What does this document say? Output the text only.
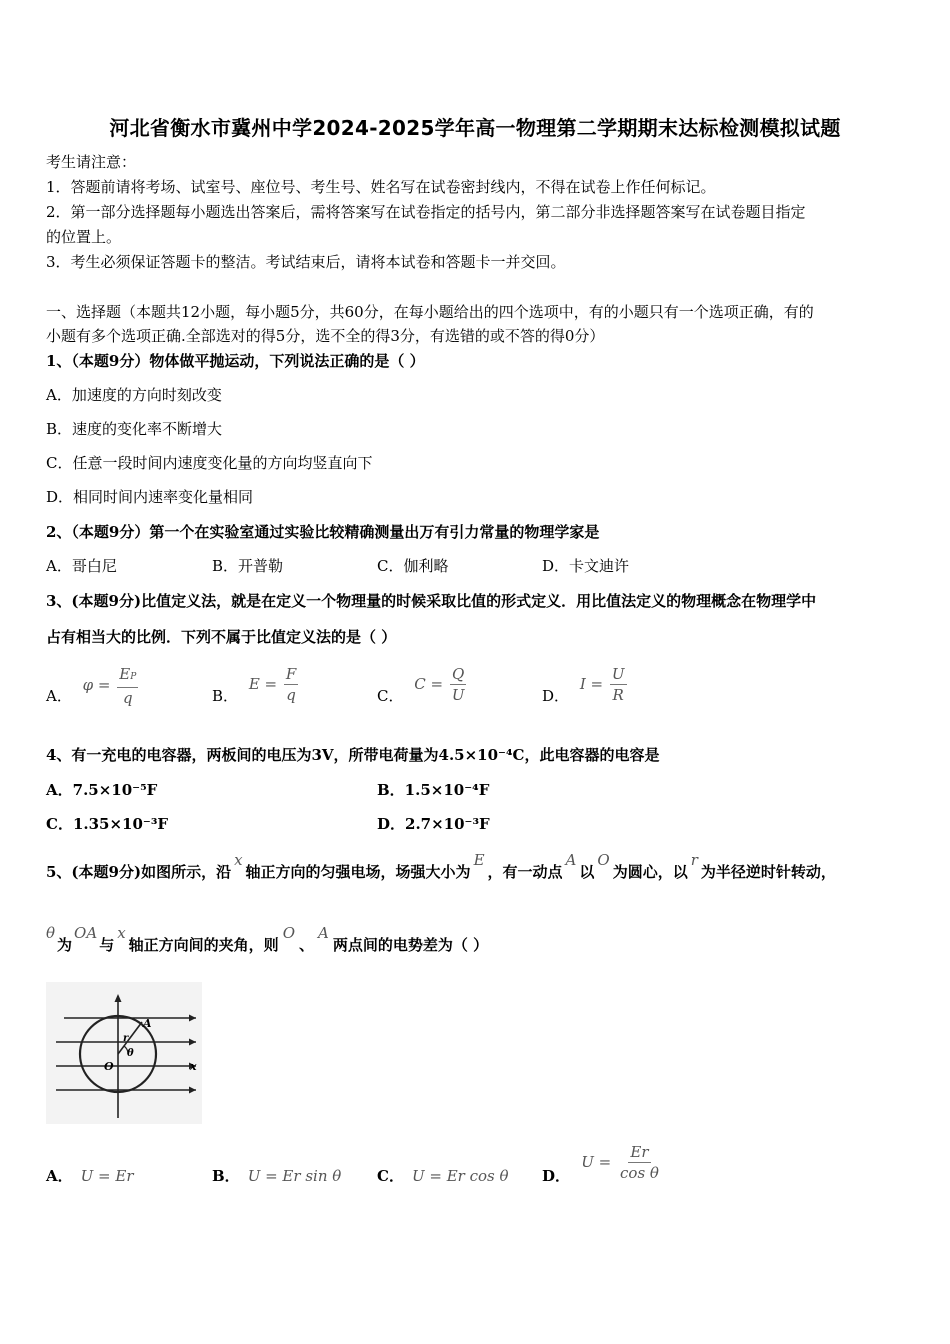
河北省衡水市冀州中学2024-2025学年高一物理第二学期期末达标检测模拟试题
考生请注意：
1．答题前请将考场、试室号、座位号、考生号、姓名写在试卷密封线内，不得在试卷上作任何标记。
2．第一部分选择题每小题选出答案后，需将答案写在试卷指定的括号内，第二部分非选择题答案写在试卷题目指定
的位置上。
3．考生必须保证答题卡的整洁。考试结束后，请将本试卷和答题卡一并交回。
一、选择题（本题共12小题，每小题5分，共60分，在每小题给出的四个选项中，有的小题只有一个选项正确，有的
小题有多个选项正确.全部选对的得5分，选不全的得3分，有选错的或不答的得0分）
1、（本题9分）物体做平抛运动，下列说法正确的是（ ）
A．加速度的方向时刻改变
B．速度的变化率不断增大
C．任意一段时间内速度变化量的方向均竖直向下
D．相同时间内速率变化量相同
2、（本题9分）第一个在实验室通过实验比较精确测量出万有引力常量的物理学家是
A．哥白尼	B．开普勒	C．伽利略	D．卡文迪许
3、(本题9分)比值定义法，就是在定义一个物理量的时候采取比值的形式定义．用比值法定义的物理概念在物理学中
占有相当大的比例．下列不属于比值定义法的是（ ）
A． $\varphi = \frac{EP}{q}$	B． $E = \frac{F}{q}$	C． $C = \frac{Q}{U}$	D． $I = \frac{U}{R}$
4、有一充电的电容器，两板间的电压为3V，所带电荷量为4.5×10⁻⁴C，此电容器的电容是
A．7.5×10⁻⁵F	B．1.5×10⁻⁴F
C．1.35×10⁻³F	D．2.7×10⁻³F
5、(本题9分)如图所示，沿x轴正方向的匀强电场，场强大小为E，有一动点A以O为圆心，以r为半径逆时针转动，
θ为OA与x轴正方向间的夹角，则O、A两点间的电势差为（ ）
A
r
θ
O	x
A． U = Er	B． U = Er sin θ C． U = Er cos θ D． $U = \frac{Er}{\text{cos θ}}$
